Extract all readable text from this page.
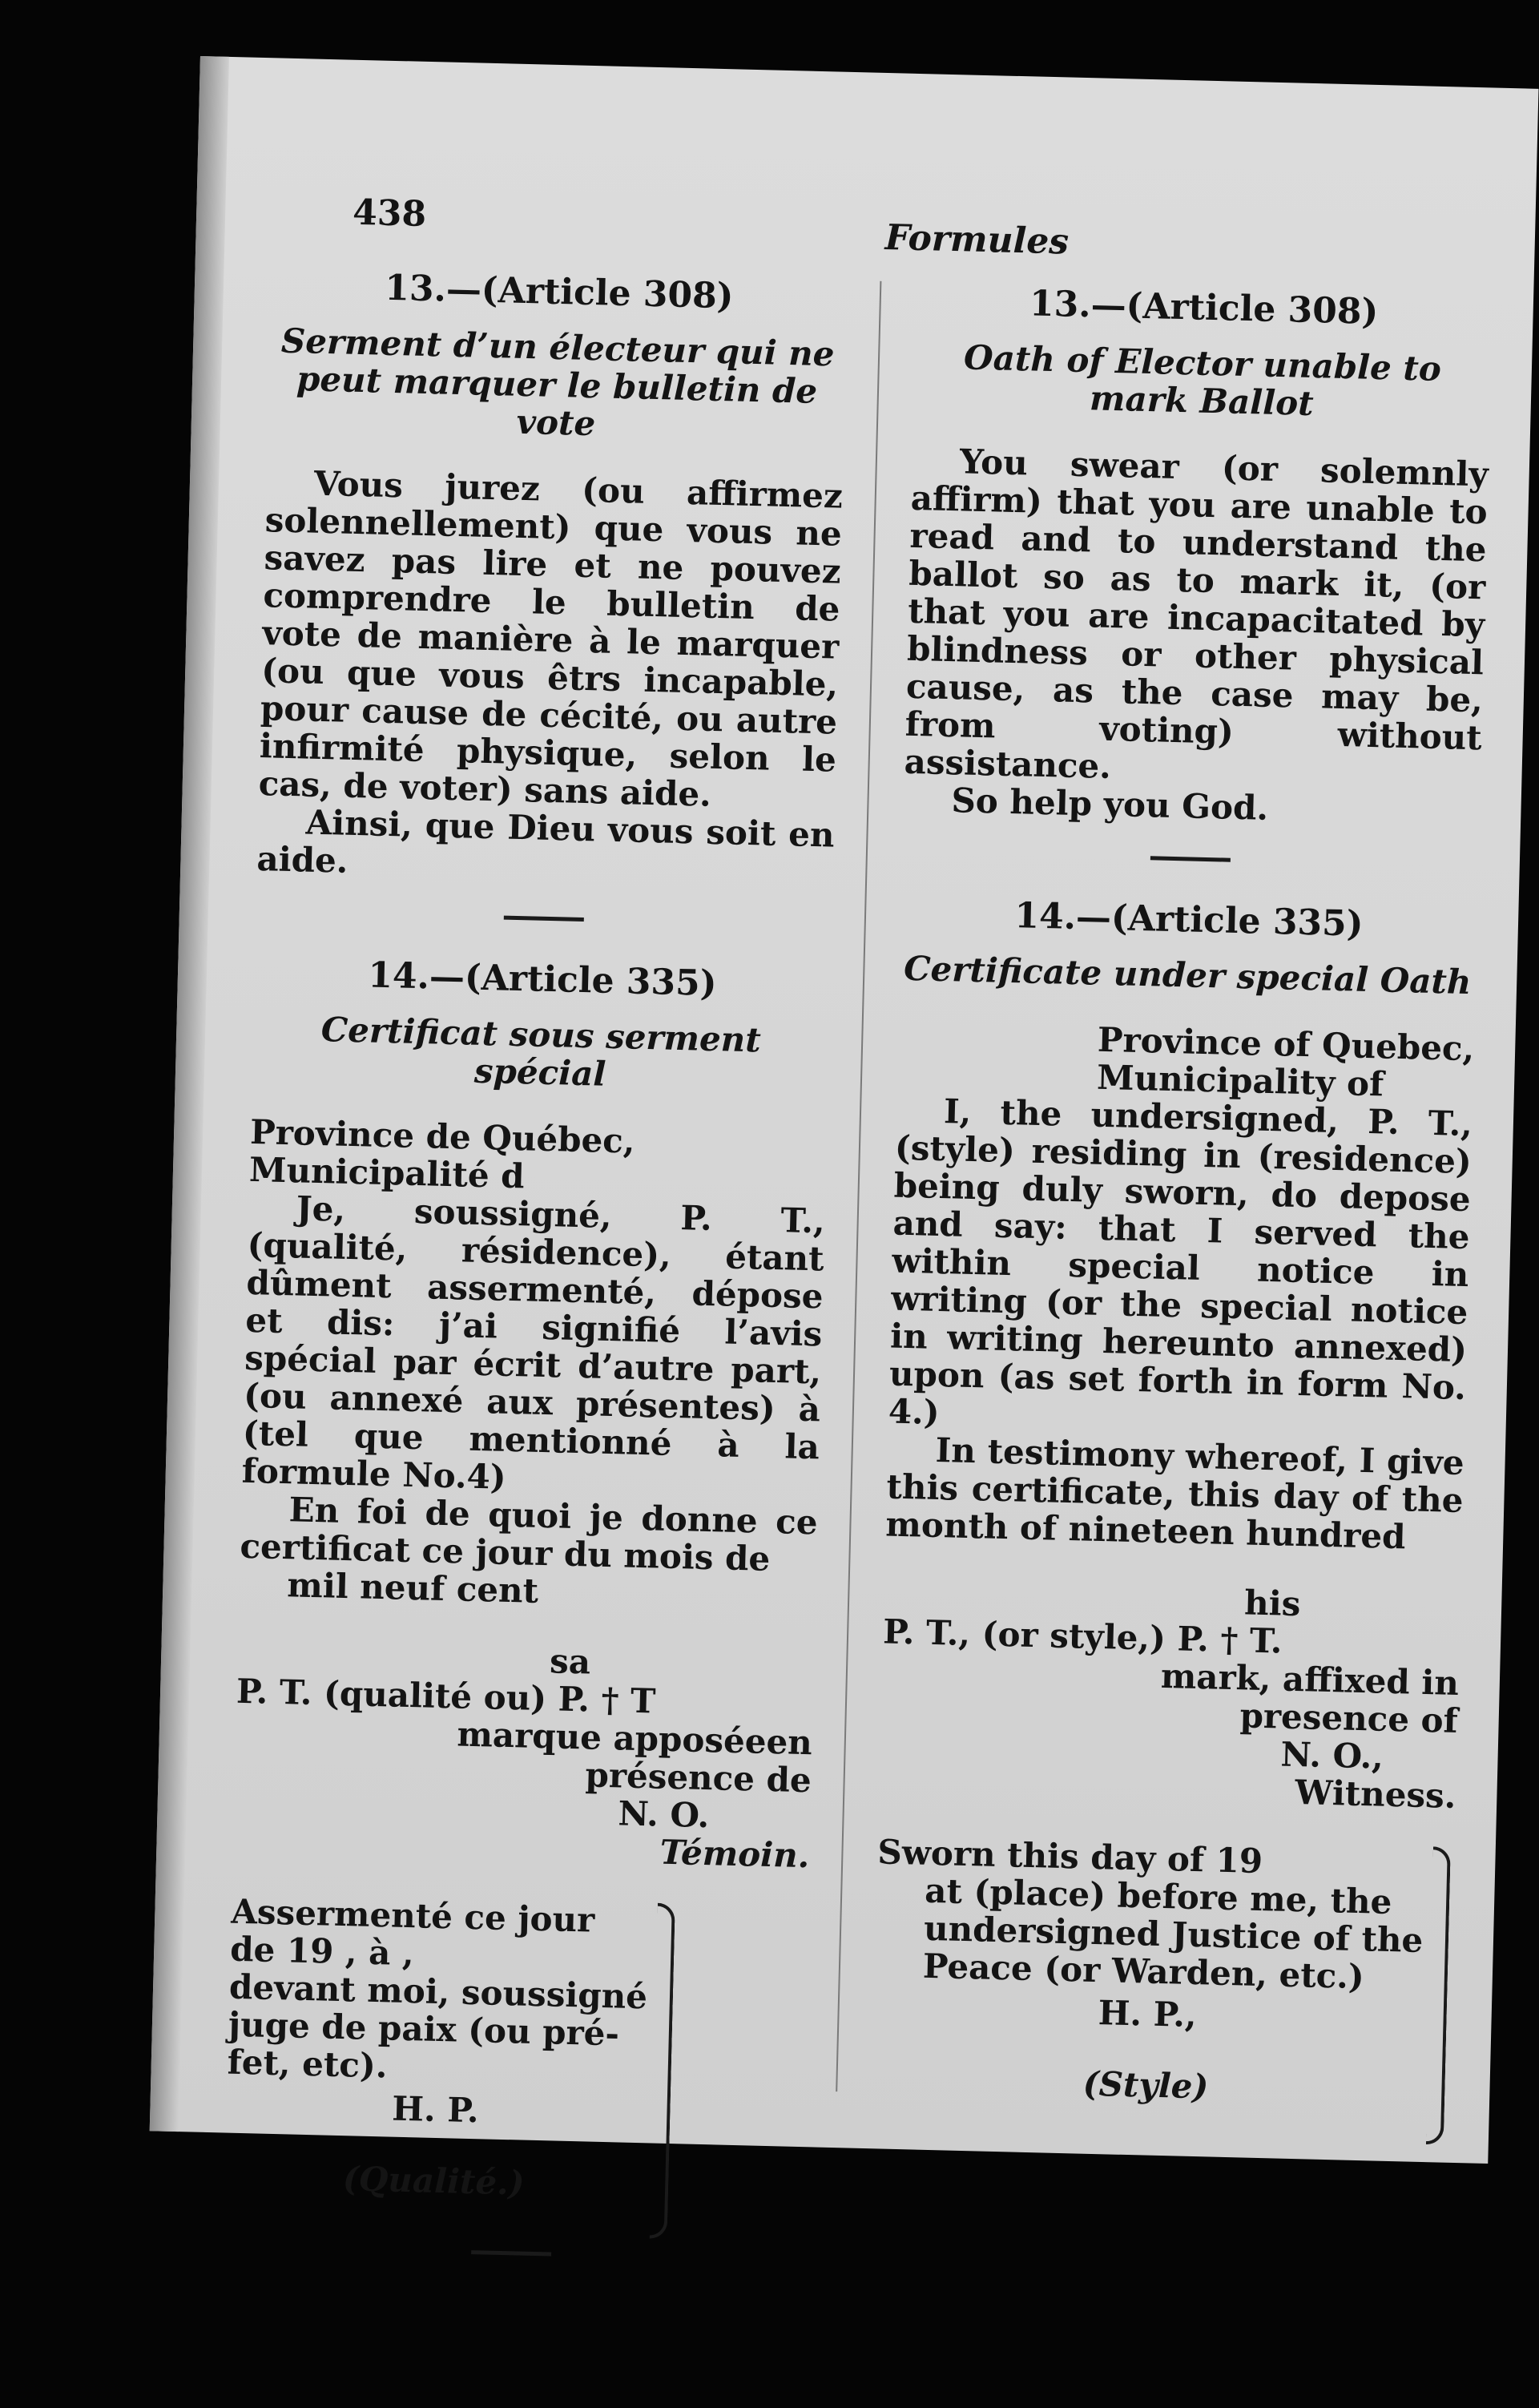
438
Formules

13.—(Article 308)

Serment d’un électeur qui ne peut marquer le bulletin de vote

Vous jurez (ou affirmez solennellement) que vous ne savez pas lire et ne pouvez comprendre le bulletin de vote de manière à le marquer (ou que vous êtrs incapable, pour cause de cécité, ou autre infirmité physique, selon le cas, de voter) sans aide.

Ainsi, que Dieu vous soit en aide.

14.—(Article 335)

Certificat sous serment spécial

Province de Québec,

Municipalité d

Je, soussigné, P. T., (qualité, résidence), étant dûment assermenté, dépose et dis: j’ai signifié l’avis spécial par écrit d’autre part, (ou annexé aux présentes) à (tel que mentionné à la formule No.4)

En foi de quoi je donne ce certificat ce jour du mois de

mil neuf cent

sa

P. T. (qualité ou) P. † T

marque apposéeen

présence de

N. O.

Témoin.

Assermenté ce jour

de 19 , à ,

devant moi, soussigné

juge de paix (ou pré-

fet, etc).

H. P.

(Qualité.)

13.—(Article 308)

Oath of Elector unable to mark Ballot

You swear (or solemnly affirm) that you are unable to read and to understand the ballot so as to mark it, (or that you are incapacitated by blindness or other physical cause, as the case may be, from voting) without assistance.

So help you God.

14.—(Article 335)

Certificate under special Oath

Province of Quebec,

Municipality of

I, the undersigned, P. T., (style) residing in (residence) being duly sworn, do depose and say: that I served the within special notice in writing (or the special notice in writing hereunto annexed) upon (as set forth in form No. 4.)

In testimony whereof, I give this certificate, this day of the month of nineteen hundred

his

P. T., (or style,) P. † T.

mark, affixed in

presence of

N. O.,

Witness.

Sworn this day of 19

at (place) before me, the

undersigned Justice of the

Peace (or Warden, etc.)

H. P.,

(Style)
